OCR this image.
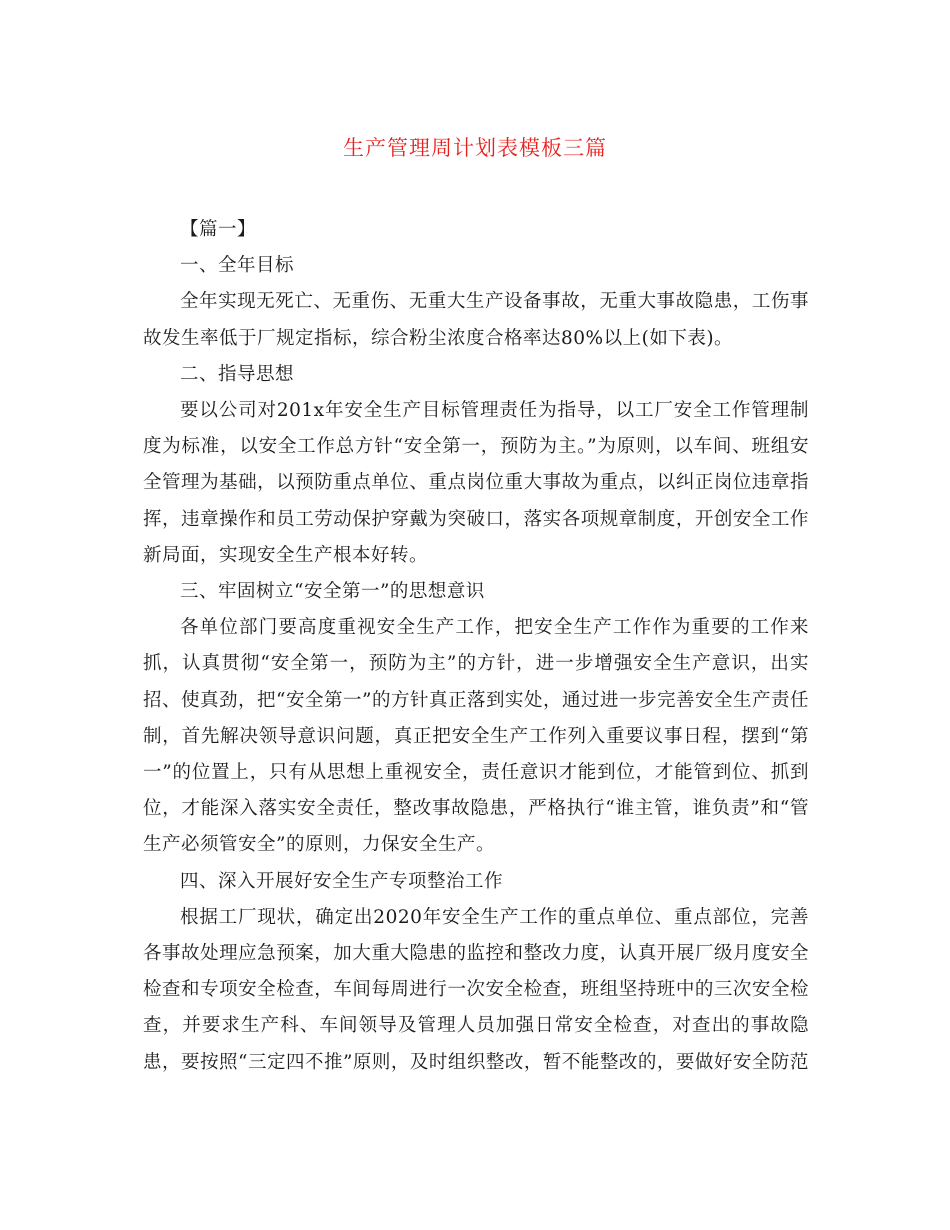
生产管理周计划表模板三篇

【篇一】

一、全年目标

全年实现无死亡、无重伤、无重大生产设备事故，无重大事故隐患，工伤事故发生率低于厂规定指标，综合粉尘浓度合格率达80%以上(如下表)。

二、指导思想

要以公司对201x年安全生产目标管理责任为指导，以工厂安全工作管理制度为标准，以安全工作总方针“安全第一，预防为主。”为原则，以车间、班组安全管理为基础，以预防重点单位、重点岗位重大事故为重点，以纠正岗位违章指挥，违章操作和员工劳动保护穿戴为突破口，落实各项规章制度，开创安全工作新局面，实现安全生产根本好转。

三、牢固树立“安全第一”的思想意识

各单位部门要高度重视安全生产工作，把安全生产工作作为重要的工作来抓，认真贯彻“安全第一，预防为主”的方针，进一步增强安全生产意识，出实招、使真劲，把“安全第一”的方针真正落到实处，通过进一步完善安全生产责任制，首先解决领导意识问题，真正把安全生产工作列入重要议事日程，摆到“第一”的位置上，只有从思想上重视安全，责任意识才能到位，才能管到位、抓到位，才能深入落实安全责任，整改事故隐患，严格执行“谁主管，谁负责”和“管生产必须管安全”的原则，力保安全生产。

四、深入开展好安全生产专项整治工作

根据工厂现状，确定出2020年安全生产工作的重点单位、重点部位，完善各事故处理应急预案，加大重大隐患的监控和整改力度，认真开展厂级月度安全检查和专项安全检查，车间每周进行一次安全检查，班组坚持班中的三次安全检查，并要求生产科、车间领导及管理人员加强日常安全检查，对查出的事故隐患，要按照“三定四不推”原则，及时组织整改，暂不能整改的，要做好安全防范
